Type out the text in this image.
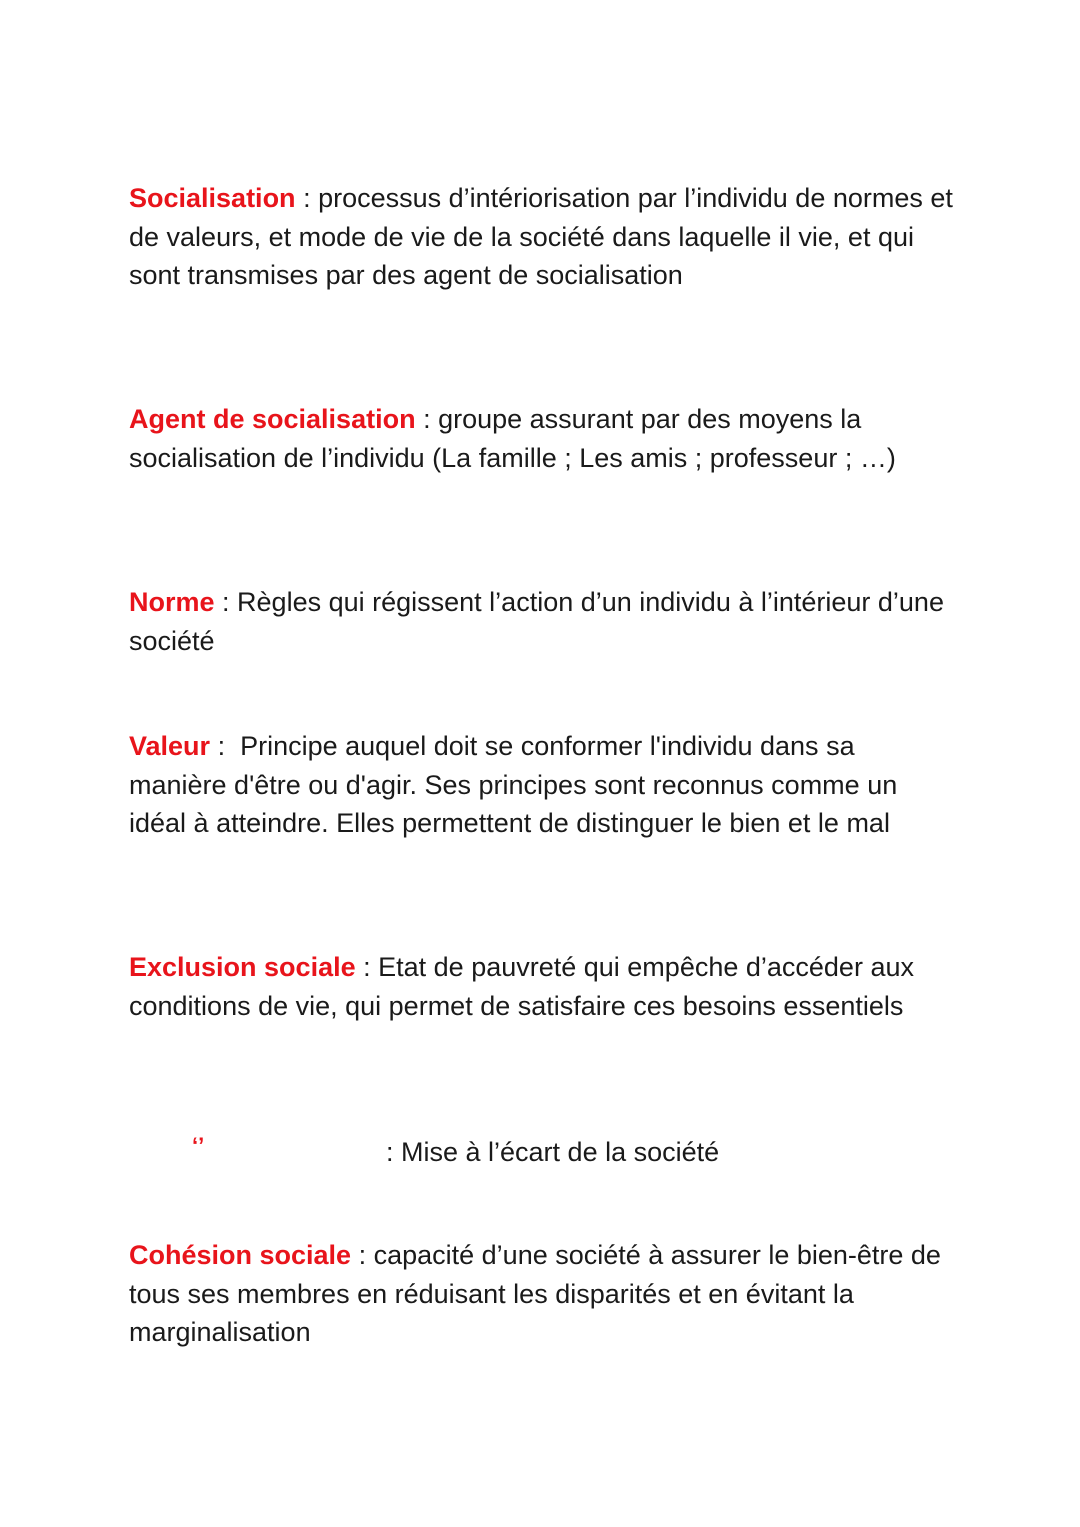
Socialisation : processus d’intériorisation par l’individu de normes et de valeurs, et mode de vie de la société dans laquelle il vie, et qui sont transmises par des agent de socialisation

Agent de socialisation : groupe assurant par des moyens la socialisation de l’individu (La famille ; Les amis ; professeur ; …)

Norme : Règles qui régissent l’action d’un individu à l’intérieur d’une société

Valeur :  Principe auquel doit se conformer l'individu dans sa manière d'être ou d'agir. Ses principes sont reconnus comme un idéal à atteindre. Elles permettent de distinguer le bien et le mal

Exclusion sociale : Etat de pauvreté qui empêche d’accéder aux conditions de vie, qui permet de satisfaire ces besoins essentiels

‘’	: Mise à l’écart de la société

Cohésion sociale : capacité d’une société à assurer le bien-être de tous ses membres en réduisant les disparités et en évitant la marginalisation
